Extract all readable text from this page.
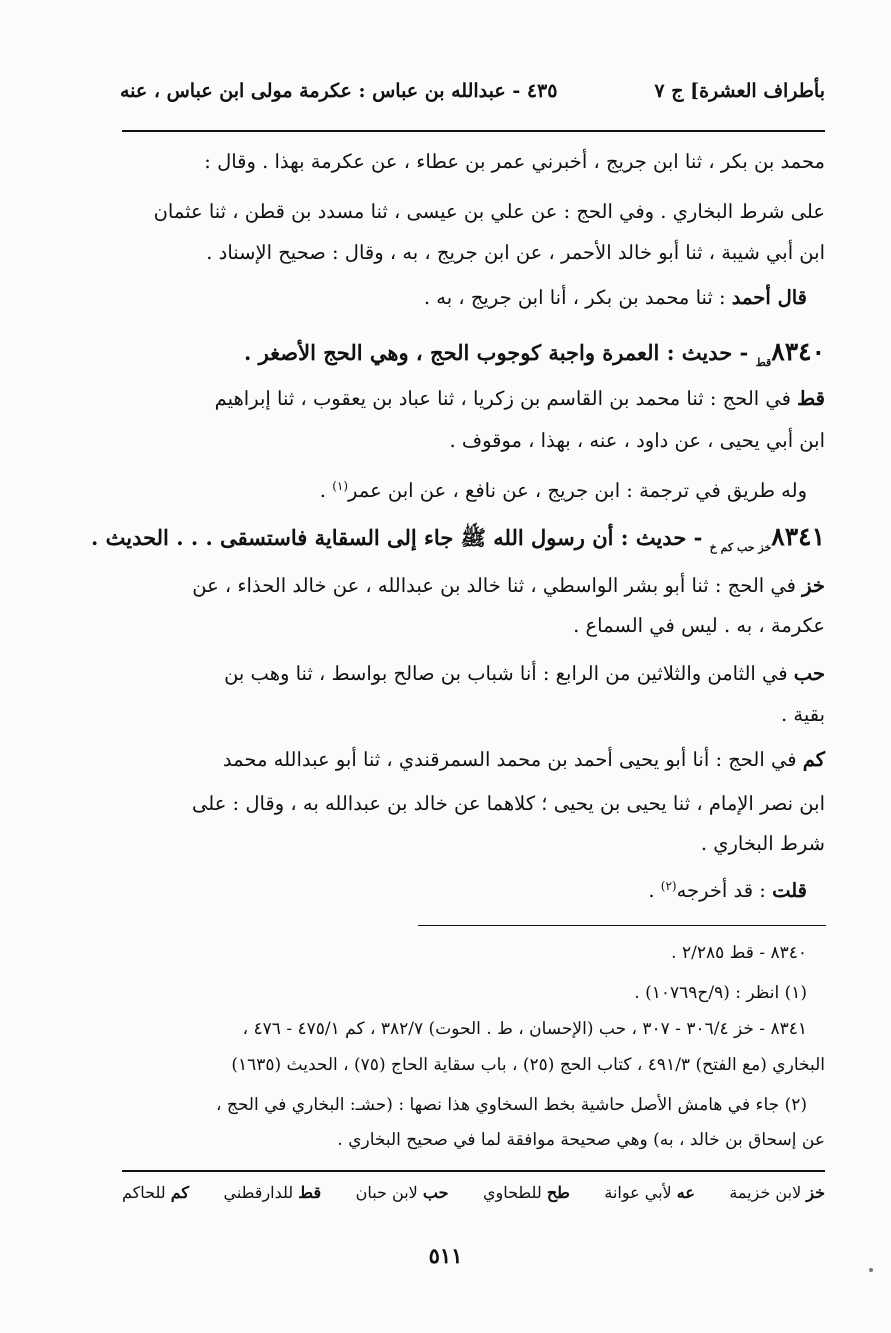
بأطراف العشرة] ج ٧
٤٣٥ - عبدالله بن عباس : عكرمة مولى ابن عباس ، عنه
محمد بن بكر ، ثنا ابن جريج ، أخبرني عمر بن عطاء ، عن عكرمة بهذا . وقال :
على شرط البخاري . وفي الحج : عن علي بن عيسى ، ثنا مسدد بن قطن ، ثنا عثمان
ابن أبي شيبة ، ثنا أبو خالد الأحمر ، عن ابن جريج ، به ، وقال : صحيح الإسناد .
قال أحمد : ثنا محمد بن بكر ، أنا ابن جريج ، به .
$٨٣٤٠_{قط}$ - حديث : العمرة واجبة كوجوب الحج ، وهي الحج الأصغر .
قط في الحج : ثنا محمد بن القاسم بن زكريا ، ثنا عباد بن يعقوب ، ثنا إبراهيم
ابن أبي يحيى ، عن داود ، عنه ، بهذا ، موقوف .
وله طريق في ترجمة : ابن جريج ، عن نافع ، عن ابن عمر$^{(١)}$ .
$٨٣٤١_{خز حب كم خ}$ - حديث : أن رسول الله ﷺ جاء إلى السقاية فاستسقى . . . الحديث .
خز في الحج : ثنا أبو بشر الواسطي ، ثنا خالد بن عبدالله ، عن خالد الحذاء ، عن
عكرمة ، به . ليس في السماع .
حب في الثامن والثلاثين من الرابع : أنا شباب بن صالح بواسط ، ثنا وهب بن
بقية .
كم في الحج : أنا أبو يحيى أحمد بن محمد السمرقندي ، ثنا أبو عبدالله محمد
ابن نصر الإمام ، ثنا يحيى بن يحيى ؛ كلاهما عن خالد بن عبدالله به ، وقال : على
شرط البخاري .
قلت : قد أخرجه$^{(٢)}$ .
٨٣٤٠ - قط ٢/٢٨٥ .
(١) انظر : (٩/ح١٠٧٦٩) .
٨٣٤١ - خز ٣٠٦/٤ - ٣٠٧ ، حب (الإحسان ، ط . الحوت) ٣٨٢/٧ ، كم ٤٧٥/١ - ٤٧٦ ،
البخاري (مع الفتح) ٤٩١/٣ ، كتاب الحج (٢٥) ، باب سقاية الحاج (٧٥) ، الحديث (١٦٣٥)
(٢) جاء في هامش الأصل حاشية بخط السخاوي هذا نصها : (حشـ: البخاري في الحج ،
عن إسحاق بن خالد ، به) وهي صحيحة موافقة لما في صحيح البخاري .
خز لابن خزيمة
عه لأبي عوانة
طح للطحاوي
حب لابن حبان
قط للدارقطني
كم للحاكم
٥١١
